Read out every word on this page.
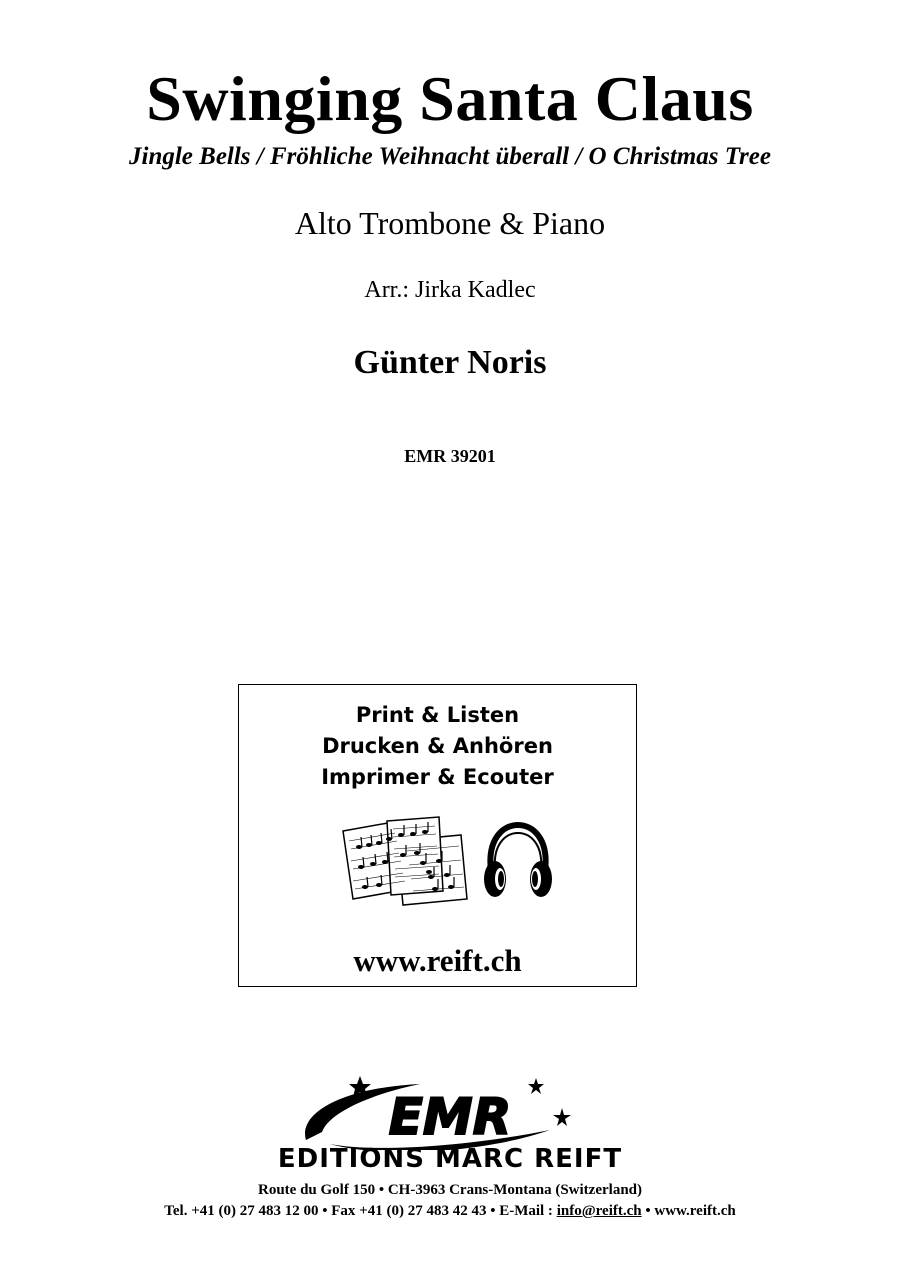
Swinging Santa Claus
Jingle Bells / Fröhliche Weihnacht überall / O Christmas Tree
Alto Trombone & Piano
Arr.: Jirka Kadlec
Günter Noris
EMR 39201
Print & Listen
Drucken & Anhören
Imprimer & Ecouter
www.reift.ch
EMR
EDITIONS MARC REIFT
Route du Golf 150 • CH-3963 Crans-Montana (Switzerland)
Tel. +41 (0) 27 483 12 00 • Fax +41 (0) 27 483 42 43 • E-Mail : info@reift.ch • www.reift.ch
